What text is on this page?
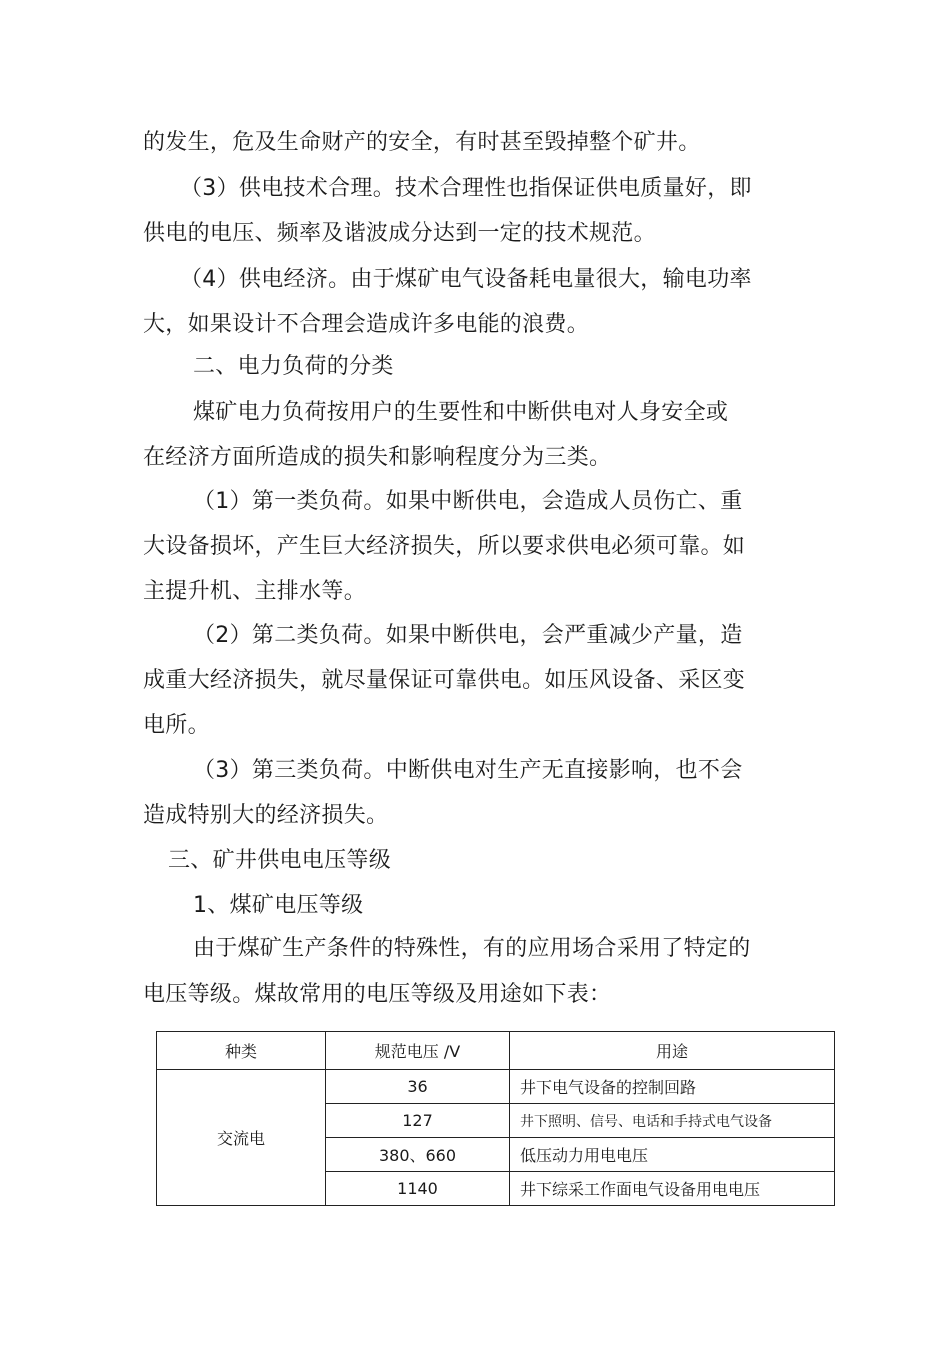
的发生，危及生命财产的安全，有时甚至毁掉整个矿井。
（3）供电技术合理。技术合理性也指保证供电质量好，即
供电的电压、频率及谐波成分达到一定的技术规范。
（4）供电经济。由于煤矿电气设备耗电量很大，输电功率
大，如果设计不合理会造成许多电能的浪费。
二、电力负荷的分类
煤矿电力负荷按用户的生要性和中断供电对人身安全或
在经济方面所造成的损失和影响程度分为三类。
（1）第一类负荷。如果中断供电，会造成人员伤亡、重
大设备损坏，产生巨大经济损失，所以要求供电必须可靠。如
主提升机、主排水等。
（2）第二类负荷。如果中断供电，会严重减少产量，造
成重大经济损失，就尽量保证可靠供电。如压风设备、采区变
电所。
（3）第三类负荷。中断供电对生产无直接影响，也不会
造成特别大的经济损失。
三、矿井供电电压等级
1、煤矿电压等级
由于煤矿生产条件的特殊性，有的应用场合采用了特定的
电压等级。煤故常用的电压等级及用途如下表：
种类	规范电压 /V	用途
交流电	36	井下电气设备的控制回路
	127	井下照明、信号、电话和手持式电气设备
	380、660	低压动力用电电压
	1140	井下综采工作面电气设备用电电压
